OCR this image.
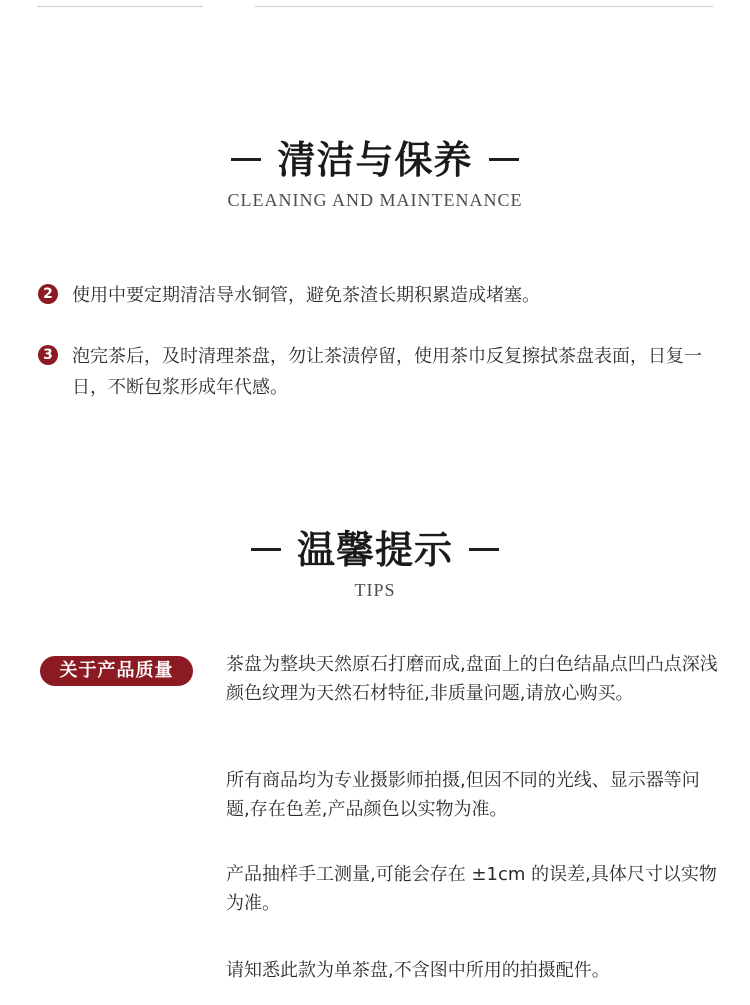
清洁与保养
CLEANING AND MAINTENANCE
2 使用中要定期清洁导水铜管，避免茶渣长期积累造成堵塞。
3 泡完茶后，及时清理茶盘，勿让茶渍停留，使用茶巾反复擦拭茶盘表面，日复一日，不断包浆形成年代感。
温馨提示
TIPS
关于产品质量	茶盘为整块天然原石打磨而成,盘面上的白色结晶点凹凸点深浅颜色纹理为天然石材特征,非质量问题,请放心购买。
所有商品均为专业摄影师拍摄,但因不同的光线、显示器等问题,存在色差,产品颜色以实物为准。
产品抽样手工测量,可能会存在 ±1cm 的误差,具体尺寸以实物为准。
请知悉此款为单茶盘,不含图中所用的拍摄配件。
